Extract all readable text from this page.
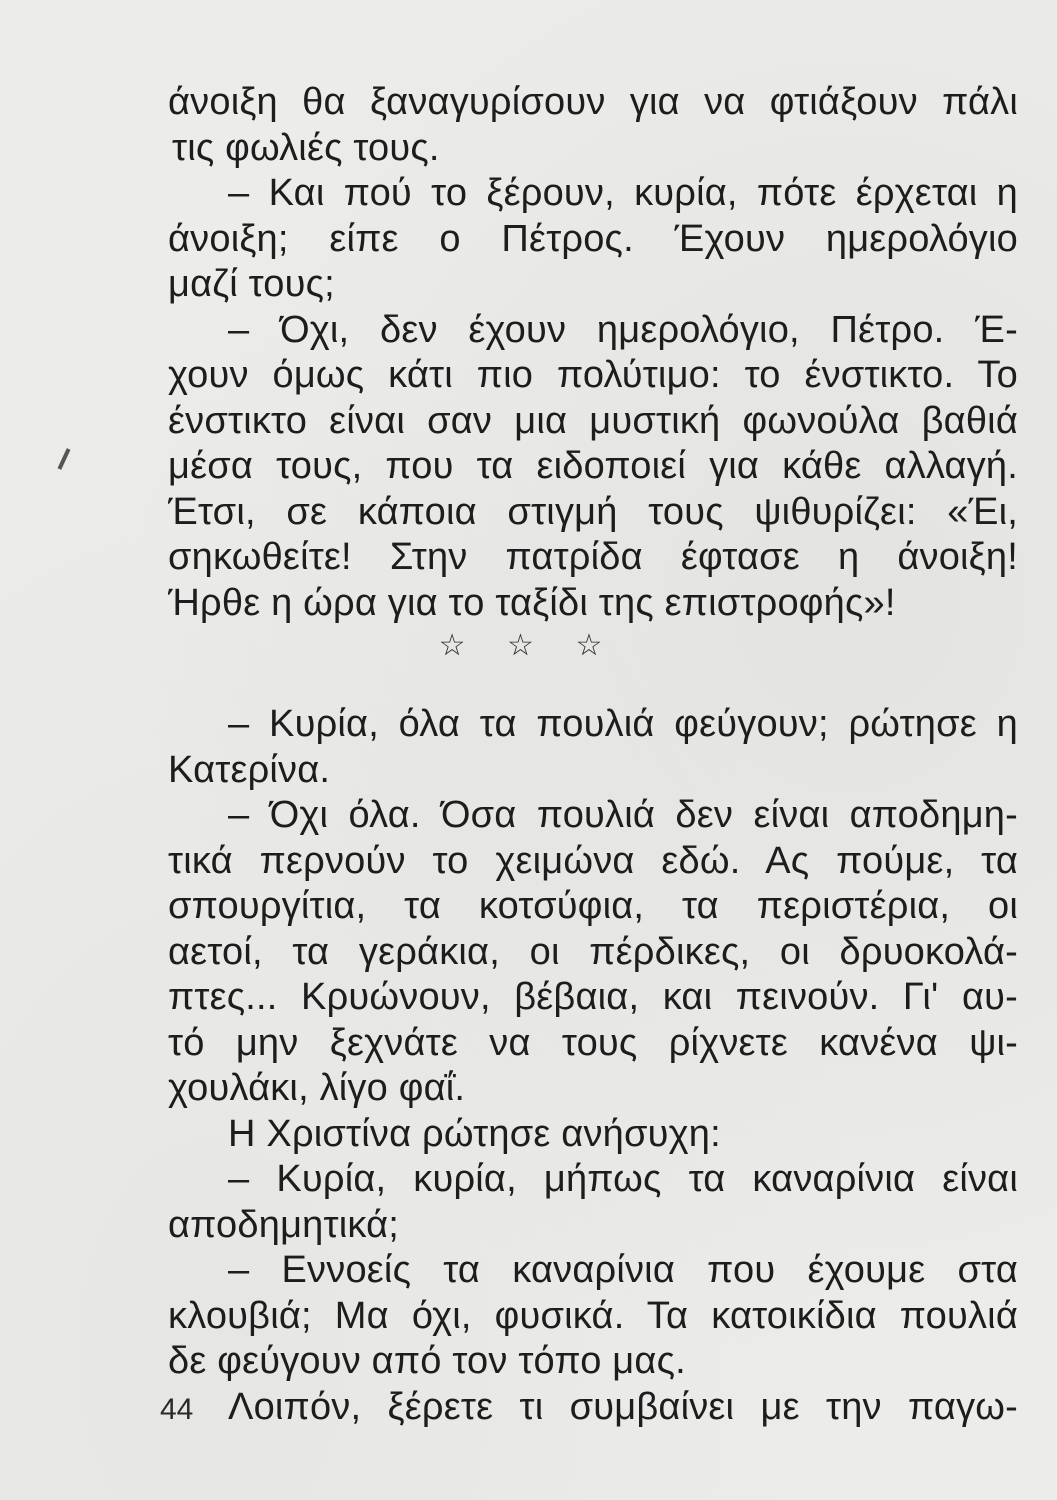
άνοιξη θα ξαναγυρίσουν για να φτιάξουν πάλι
τις φωλιές τους.
– Και πού το ξέρουν, κυρία, πότε έρχεται η
άνοιξη; είπε ο Πέτρος. Έχουν ημερολόγιο
μαζί τους;
– Όχι, δεν έχουν ημερολόγιο, Πέτρο. Έ-
χουν όμως κάτι πιο πολύτιμο: το ένστικτο. Το
ένστικτο είναι σαν μια μυστική φωνούλα βαθιά
μέσα τους, που τα ειδοποιεί για κάθε αλλαγή.
Έτσι, σε κάποια στιγμή τους ψιθυρίζει: «Έι,
σηκωθείτε! Στην πατρίδα έφτασε η άνοιξη!
Ήρθε η ώρα για το ταξίδι της επιστροφής»!
☆ ☆ ☆
– Κυρία, όλα τα πουλιά φεύγουν; ρώτησε η
Κατερίνα.
– Όχι όλα. Όσα πουλιά δεν είναι αποδημη-
τικά περνούν το χειμώνα εδώ. Ας πούμε, τα
σπουργίτια, τα κοτσύφια, τα περιστέρια, οι
αετοί, τα γεράκια, οι πέρδικες, οι δρυοκολά-
πτες... Κρυώνουν, βέβαια, και πεινούν. Γι' αυ-
τό μην ξεχνάτε να τους ρίχνετε κανένα ψι-
χουλάκι, λίγο φαΐ.
Η Χριστίνα ρώτησε ανήσυχη:
– Κυρία, κυρία, μήπως τα καναρίνια είναι
αποδημητικά;
– Εννοείς τα καναρίνια που έχουμε στα
κλουβιά; Μα όχι, φυσικά. Τα κατοικίδια πουλιά
δε φεύγουν από τον τόπο μας.
Λοιπόν, ξέρετε τι συμβαίνει με την παγω-
44
